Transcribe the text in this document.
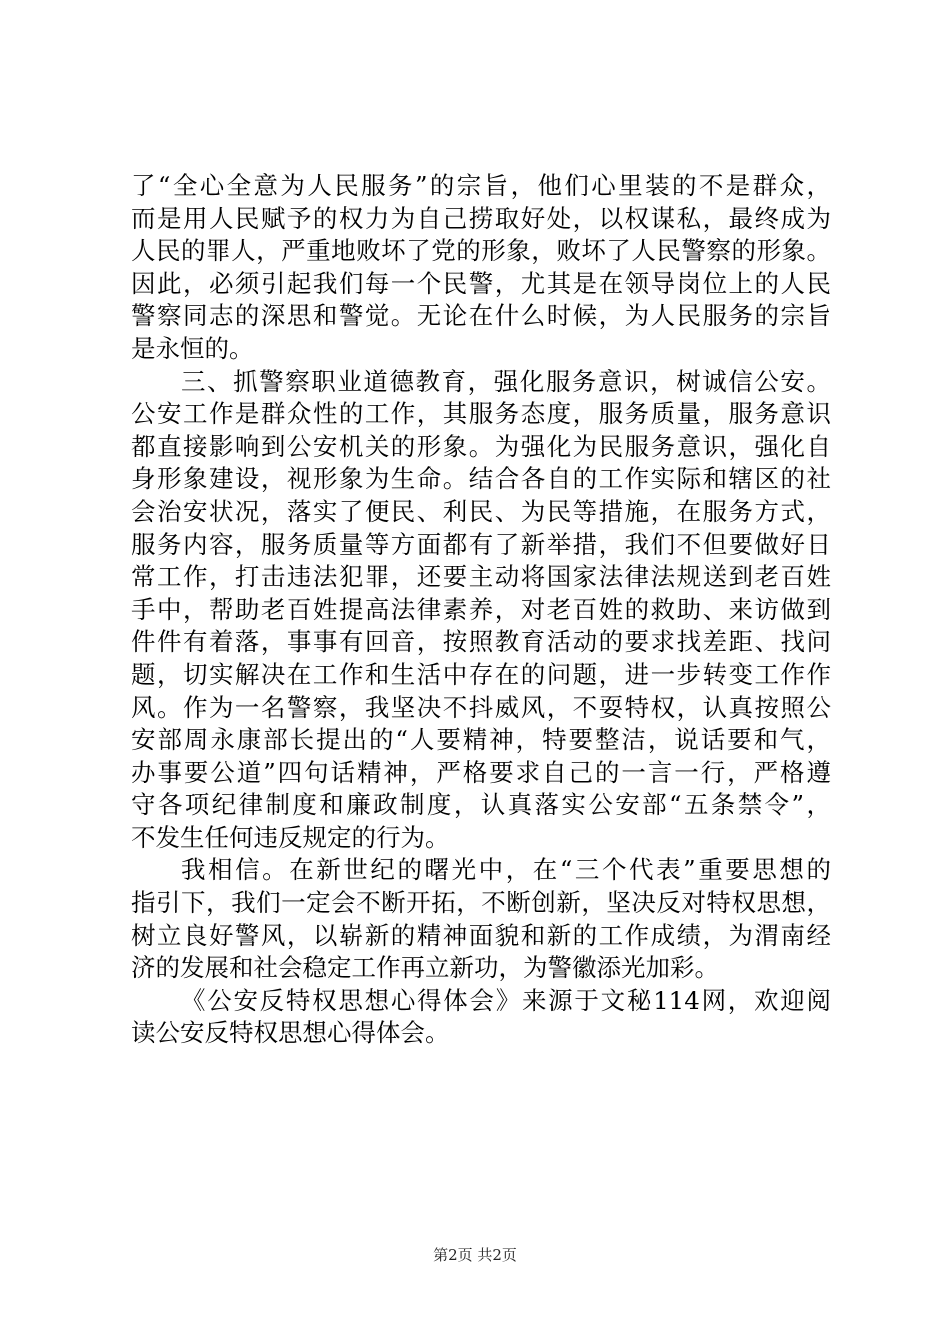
了“全心全意为人民服务”的宗旨，他们心里装的不是群众，
而是用人民赋予的权力为自己捞取好处，以权谋私，最终成为
人民的罪人，严重地败坏了党的形象，败坏了人民警察的形象。
因此，必须引起我们每一个民警，尤其是在领导岗位上的人民
警察同志的深思和警觉。无论在什么时候，为人民服务的宗旨
是永恒的。
三、抓警察职业道德教育，强化服务意识，树诚信公安。
公安工作是群众性的工作，其服务态度，服务质量，服务意识
都直接影响到公安机关的形象。为强化为民服务意识，强化自
身形象建设，视形象为生命。结合各自的工作实际和辖区的社
会治安状况，落实了便民、利民、为民等措施，在服务方式，
服务内容，服务质量等方面都有了新举措，我们不但要做好日
常工作，打击违法犯罪，还要主动将国家法律法规送到老百姓
手中，帮助老百姓提高法律素养，对老百姓的救助、来访做到
件件有着落，事事有回音，按照教育活动的要求找差距、找问
题，切实解决在工作和生活中存在的问题，进一步转变工作作
风。作为一名警察，我坚决不抖威风，不耍特权，认真按照公
安部周永康部长提出的“人要精神，特要整洁，说话要和气，
办事要公道”四句话精神，严格要求自己的一言一行，严格遵
守各项纪律制度和廉政制度，认真落实公安部“五条禁令”，
不发生任何违反规定的行为。
我相信。在新世纪的曙光中，在“三个代表”重要思想的
指引下，我们一定会不断开拓，不断创新，坚决反对特权思想，
树立良好警风，以崭新的精神面貌和新的工作成绩，为渭南经
济的发展和社会稳定工作再立新功，为警徽添光加彩。
《公安反特权思想心得体会》来源于文秘114网，欢迎阅
读公安反特权思想心得体会。
第2页 共2页
